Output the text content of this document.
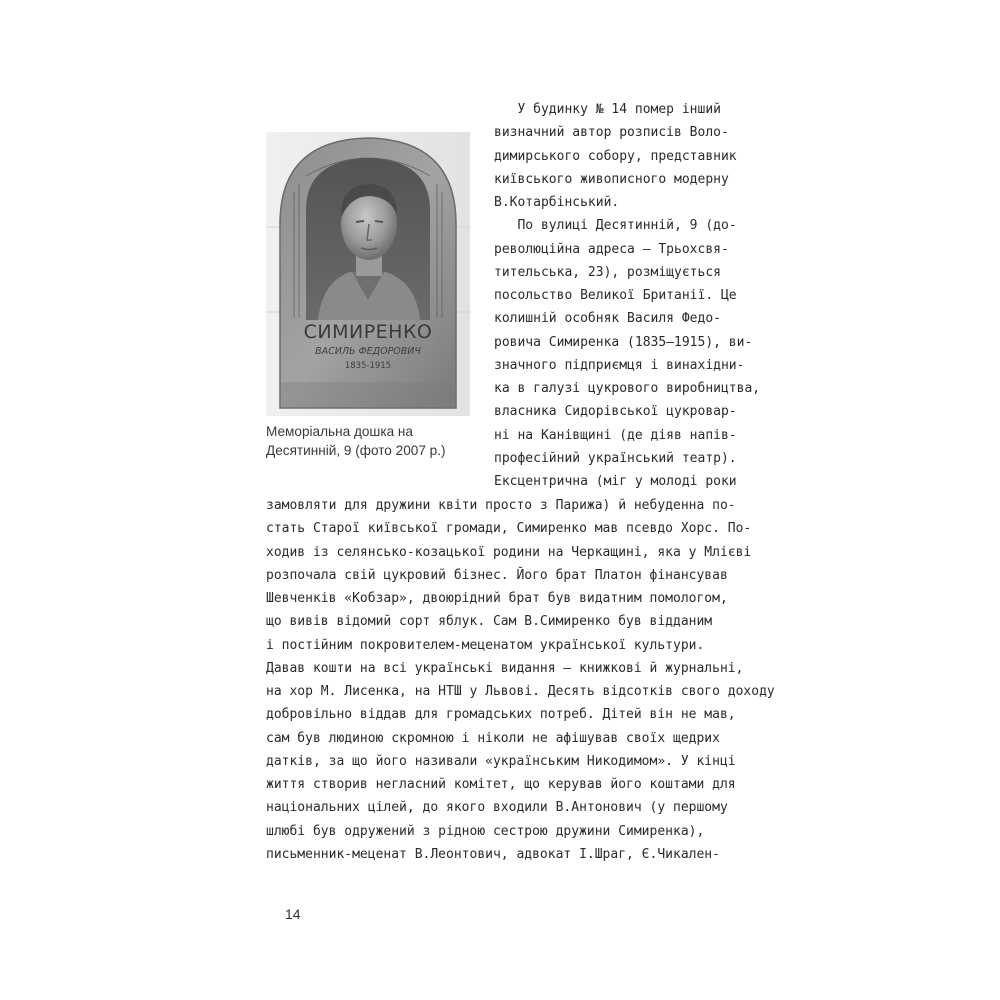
СИМИРЕНКО
ВАСИЛЬ ФЕДОРОВИЧ
1835-1915
Меморіальна дошка на
Десятинній, 9 (фото 2007 р.)
У будинку № 14 помер інший
визначний автор розписів Воло-
димирського собору, представник
київського живописного модерну
В.Котарбінський.
По вулиці Десятинній, 9 (до-
революційна адреса — Трьохсвя-
тительська, 23), розміщується
посольство Великої Британії. Це
колишній особняк Василя Федо-
ровича Симиренка (1835–1915), ви-
значного підприємця і винахідни-
ка в галузі цукрового виробництва,
власника Сидорівської цукровар-
ні на Канівщині (де діяв напів-
професійний український театр).
Ексцентрична (міг у молоді роки
замовляти для дружини квіти просто з Парижа) й небуденна по-
стать Старої київської громади, Симиренко мав псевдо Хорс. По-
ходив із селянсько-козацької родини на Черкащині, яка у Млієві
розпочала свій цукровий бізнес. Його брат Платон фінансував
Шевченків «Кобзар», двоюрідний брат був видатним помологом,
що вивів відомий сорт яблук. Сам В.Симиренко був відданим
і постійним покровителем-меценатом української культури.
Давав кошти на всі українські видання — книжкові й журнальні,
на хор М. Лисенка, на НТШ у Львові. Десять відсотків свого доходу
добровільно віддав для громадських потреб. Дітей він не мав,
сам був людиною скромною і ніколи не афішував своїх щедрих
датків, за що його називали «українським Никодимом». У кінці
життя створив негласний комітет, що керував його коштами для
національних цілей, до якого входили В.Антонович (у першому
шлюбі був одружений з рідною сестрою дружини Симиренка),
письменник-меценат В.Леонтович, адвокат І.Шраг, Є.Чикален-
14
